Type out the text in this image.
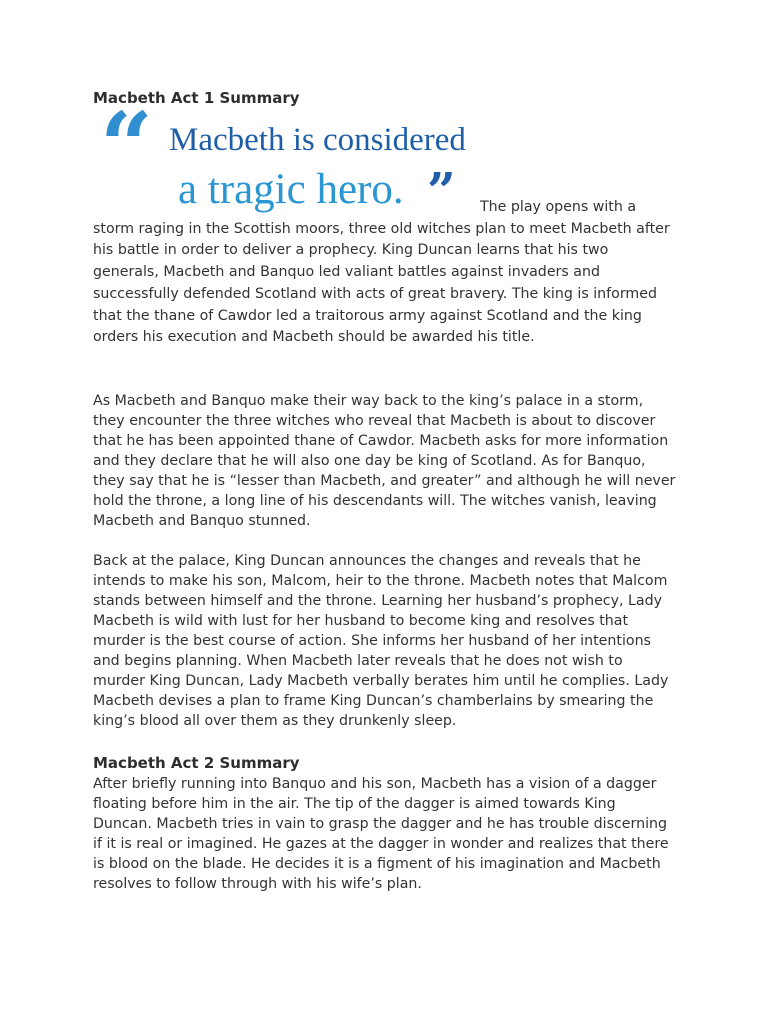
Macbeth Act 1 Summary
“ Macbeth is considered
a tragic hero. ”	The play opens with a storm raging in the Scottish moors, three old witches plan to meet Macbeth after his battle in order to deliver a prophecy. King Duncan learns that his two generals, Macbeth and Banquo led valiant battles against invaders and successfully defended Scotland with acts of great bravery. The king is informed that the thane of Cawdor led a traitorous army against Scotland and the king orders his execution and Macbeth should be awarded his title.

As Macbeth and Banquo make their way back to the king’s palace in a storm, they encounter the three witches who reveal that Macbeth is about to discover that he has been appointed thane of Cawdor. Macbeth asks for more information and they declare that he will also one day be king of Scotland. As for Banquo, they say that he is “lesser than Macbeth, and greater” and although he will never hold the throne, a long line of his descendants will. The witches vanish, leaving Macbeth and Banquo stunned.

Back at the palace, King Duncan announces the changes and reveals that he intends to make his son, Malcom, heir to the throne. Macbeth notes that Malcom stands between himself and the throne. Learning her husband’s prophecy, Lady Macbeth is wild with lust for her husband to become king and resolves that murder is the best course of action. She informs her husband of her intentions and begins planning. When Macbeth later reveals that he does not wish to murder King Duncan, Lady Macbeth verbally berates him until he complies. Lady Macbeth devises a plan to frame King Duncan’s chamberlains by smearing the king’s blood all over them as they drunkenly sleep.

Macbeth Act 2 Summary

After briefly running into Banquo and his son, Macbeth has a vision of a dagger floating before him in the air. The tip of the dagger is aimed towards King Duncan. Macbeth tries in vain to grasp the dagger and he has trouble discerning if it is real or imagined. He gazes at the dagger in wonder and realizes that there is blood on the blade. He decides it is a figment of his imagination and Macbeth resolves to follow through with his wife’s plan.
